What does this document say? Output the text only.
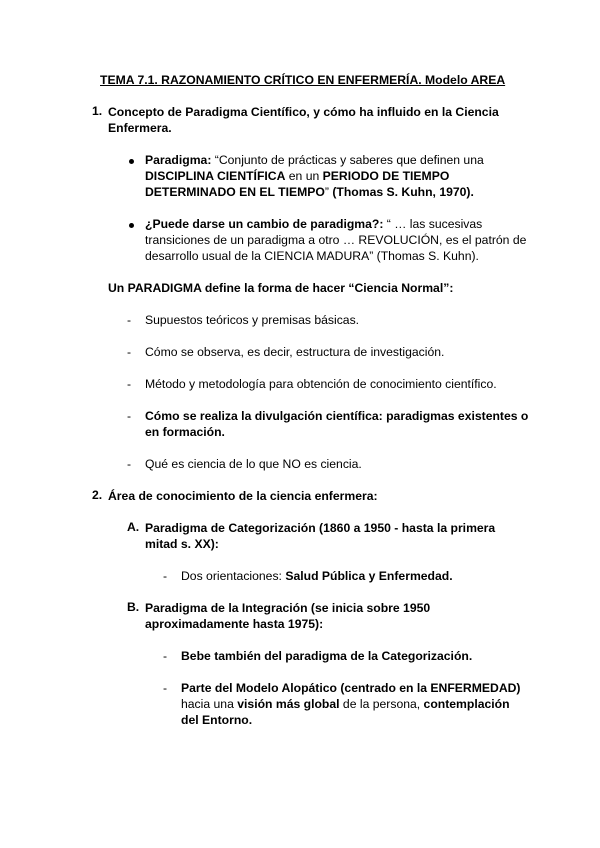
TEMA 7.1. RAZONAMIENTO CRÍTICO EN ENFERMERÍA. Modelo AREA
1. Concepto de Paradigma Científico, y cómo ha influido en la Ciencia
Enfermera.
Paradigma: “Conjunto de prácticas y saberes que definen una
DISCIPLINA CIENTÍFICA en un PERIODO DE TIEMPO
DETERMINADO EN EL TIEMPO” (Thomas S. Kuhn, 1970).
¿Puede darse un cambio de paradigma?: “ … las sucesivas
transiciones de un paradigma a otro … REVOLUCIÓN, es el patrón de
desarrollo usual de la CIENCIA MADURA” (Thomas S. Kuhn).
Un PARADIGMA define la forma de hacer “Ciencia Normal”:
- Supuestos teóricos y premisas básicas.
- Cómo se observa, es decir, estructura de investigación.
- Método y metodología para obtención de conocimiento científico.
- Cómo se realiza la divulgación científica: paradigmas existentes o
en formación.
- Qué es ciencia de lo que NO es ciencia.
2. Área de conocimiento de la ciencia enfermera:
A. Paradigma de Categorización (1860 a 1950 - hasta la primera
mitad s. XX):
- Dos orientaciones: Salud Pública y Enfermedad.
B. Paradigma de la Integración (se inicia sobre 1950
aproximadamente hasta 1975):
- Bebe también del paradigma de la Categorización.
- Parte del Modelo Alopático (centrado en la ENFERMEDAD)
hacia una visión más global de la persona, contemplación
del Entorno.
